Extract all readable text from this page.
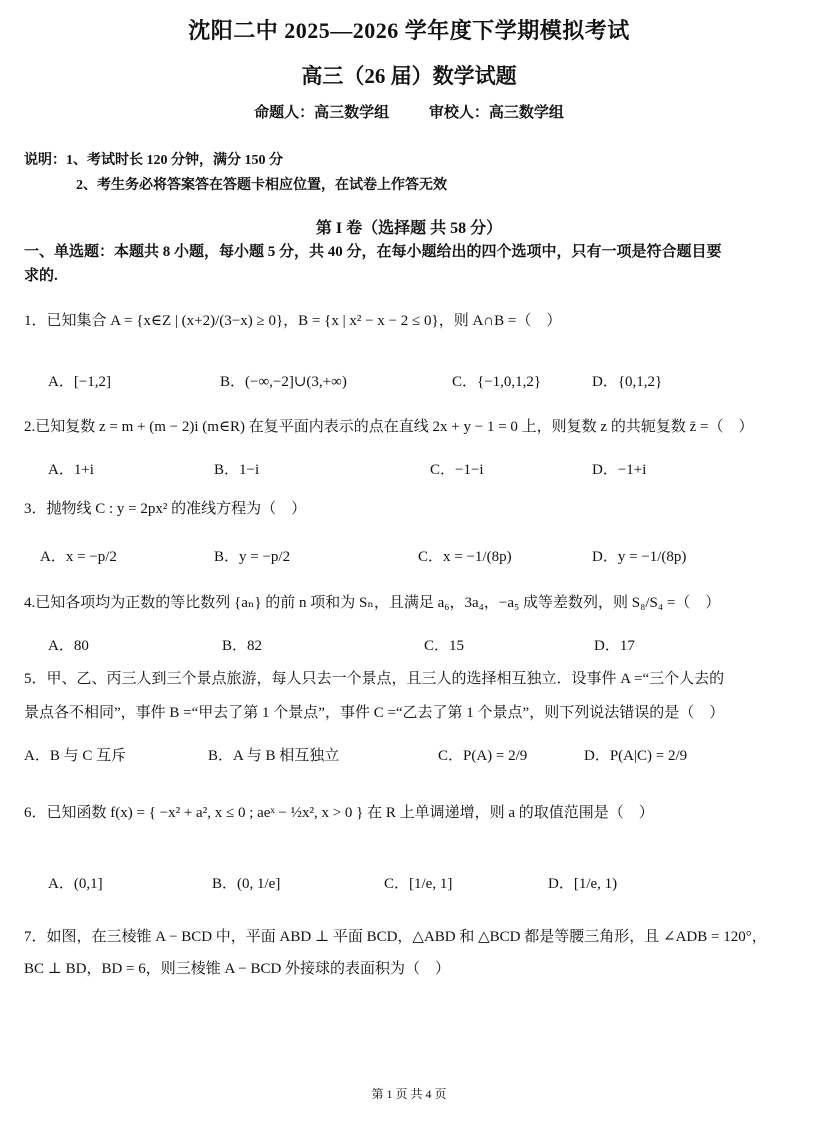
沈阳二中 2025—2026 学年度下学期模拟考试
高三（26 届）数学试题
命题人：高三数学组	审校人：高三数学组
说明：1、考试时长 120 分钟，满分 150 分
2、考生务必将答案答在答题卡相应位置，在试卷上作答无效
第 I 卷（选择题 共 58 分）
一、单选题：本题共 8 小题，每小题 5 分，共 40 分，在每小题给出的四个选项中，只有一项是符合题目要
求的.
1．已知集合 A = {x∈Z | (x+2)/(3−x) ≥ 0}，B = {x | x² − x − 2 ≤ 0}，则 A∩B =（　）
A．[−1,2]	B．(−∞,−2]∪(3,+∞)	C．{−1,0,1,2}	D．{0,1,2}
2.已知复数 z = m + (m − 2)i (m∈R) 在复平面内表示的点在直线 2x + y − 1 = 0 上，则复数 z 的共轭复数 z̄ =（　）
A．1+i	B．1−i	C．−1−i	D．−1+i
3．抛物线 C : y = 2px² 的准线方程为（　）
A．x = −p/2	B．y = −p/2	C．x = −1/(8p)	D．y = −1/(8p)
4.已知各项均为正数的等比数列 {aₙ} 的前 n 项和为 Sₙ，且满足 a₆，3a₄，−a₅ 成等差数列，则 S₈/S₄ =（　）
A．80	B．82	C．15	D．17
5．甲、乙、丙三人到三个景点旅游，每人只去一个景点，且三人的选择相互独立．设事件 A =“三个人去的
景点各不相同”，事件 B =“甲去了第 1 个景点”，事件 C =“乙去了第 1 个景点”，则下列说法错误的是（　）
A．B 与 C 互斥	B．A 与 B 相互独立	C．P(A) = 2/9	D．P(A|C) = 2/9
6．已知函数 f(x) = { −x² + a², x ≤ 0 ; aeˣ − ½x², x > 0 } 在 R 上单调递增，则 a 的取值范围是（　）
A．(0,1]	B．(0, 1/e]	C．[1/e, 1]	D．[1/e, 1)
7．如图，在三棱锥 A − BCD 中，平面 ABD ⊥ 平面 BCD，△ABD 和 △BCD 都是等腰三角形，且 ∠ADB = 120°，
BC ⊥ BD，BD = 6，则三棱锥 A − BCD 外接球的表面积为（　）
第 1 页 共 4 页
